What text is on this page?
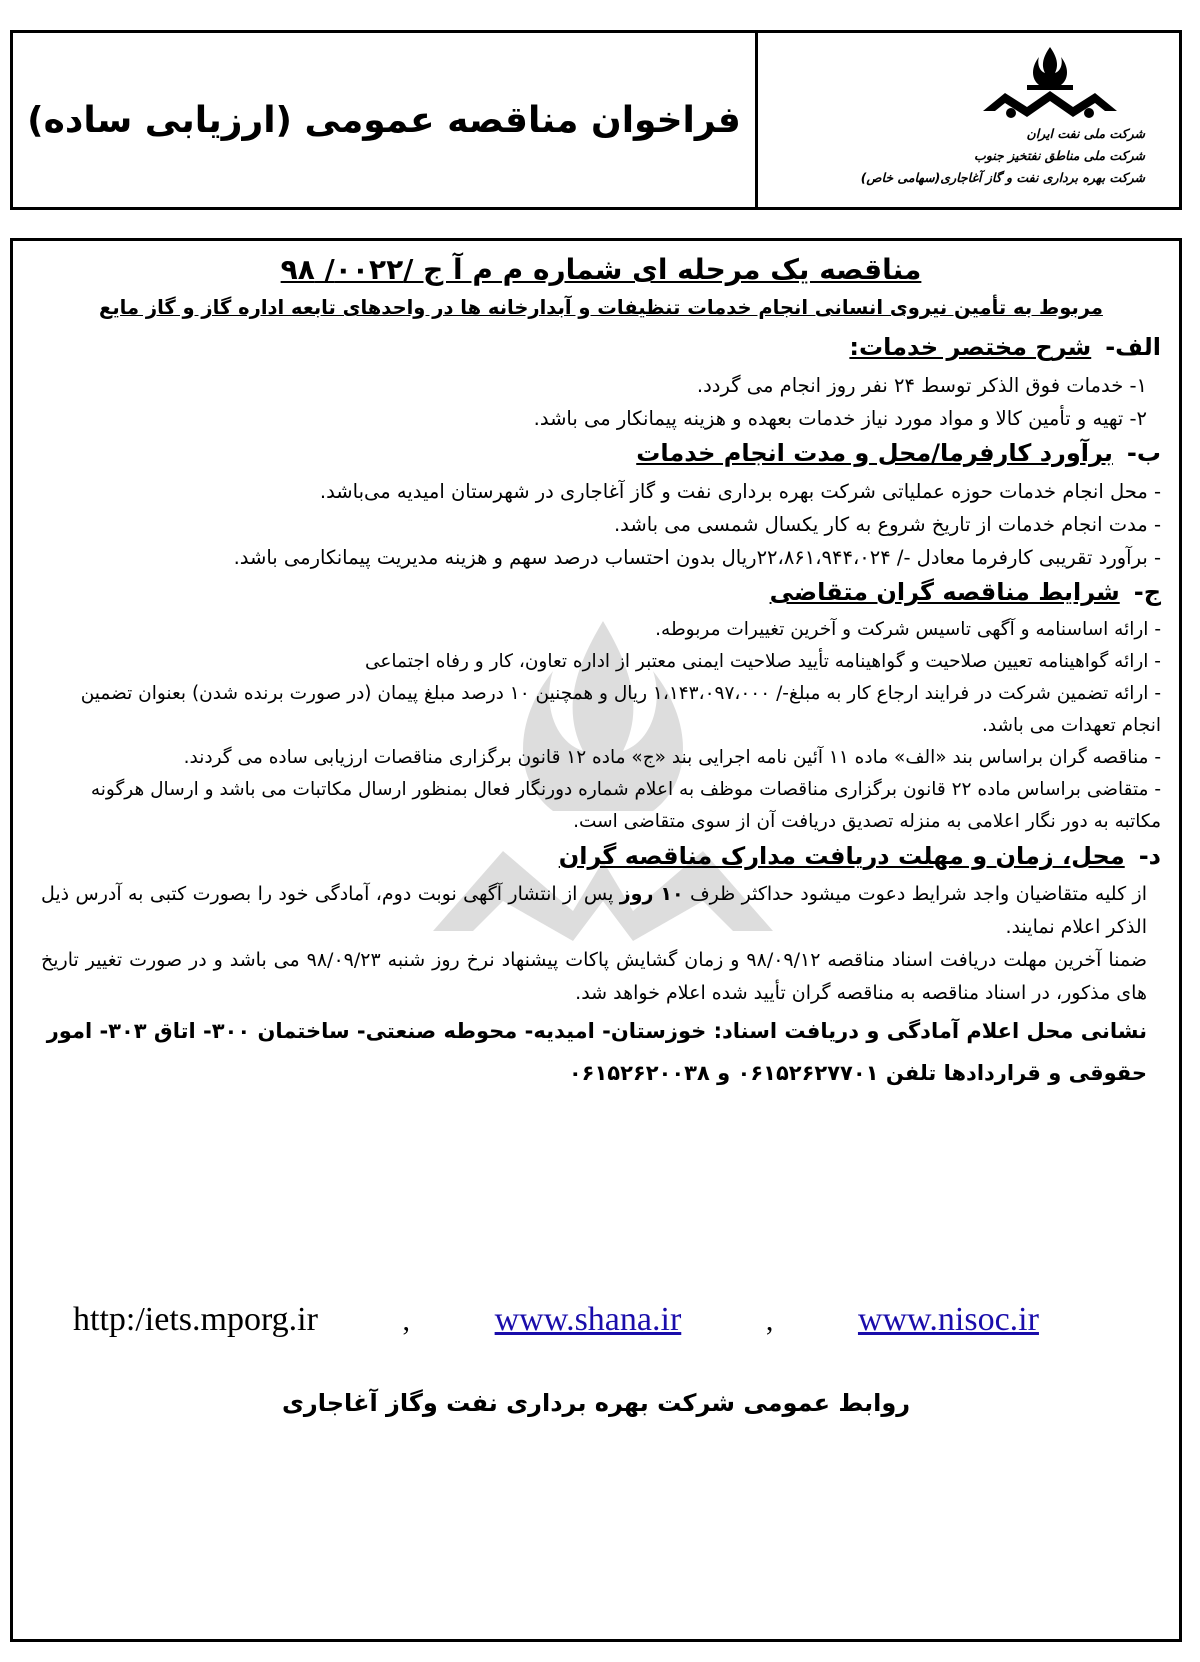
فراخوان مناقصه عمومی (ارزیابی ساده)	شرکت ملی نفت ایران
شرکت ملی مناطق نفتخیز جنوب
شرکت بهره برداری نفت و گاز آغاجاری(سهامی خاص)
مناقصه یک مرحله ای شماره م م آ ج /۰۰۲۲/ ۹۸
مربوط به تأمین نیروی انسانی انجام خدمات تنظیفات و آبدارخانه ها در واحدهای تابعه اداره گاز و گاز مایع
الف-شرح مختصر خدمات:
۱- خدمات فوق الذکر توسط ۲۴ نفر روز انجام می گردد.
۲- تهیه و تأمین کالا و مواد مورد نیاز خدمات بعهده و هزینه پیمانکار می باشد.
ب-برآورد کارفرما/محل و مدت انجام خدمات
- محل انجام خدمات حوزه عملیاتی شرکت بهره برداری نفت و گاز آغاجاری در شهرستان امیدیه می‌باشد.
- مدت انجام خدمات از تاریخ شروع به کار یکسال شمسی می باشد.
- برآورد تقریبی کارفرما معادل -/ ۲۲،۸۶۱،۹۴۴،۰۲۴ریال بدون احتساب درصد سهم و هزینه مدیریت پیمانکارمی باشد.
ج-شرایط مناقصه گران متقاضی
- ارائه اساسنامه و آگهی تاسیس شرکت و آخرین تغییرات مربوطه.
- ارائه گواهینامه تعیین صلاحیت و گواهینامه تأیید صلاحیت ایمنی معتبر از اداره تعاون، کار و رفاه اجتماعی
- ارائه تضمین شرکت در فرایند ارجاع کار به مبلغ-/ ۱،۱۴۳،۰۹۷،۰۰۰ ریال و همچنین ۱۰ درصد مبلغ پیمان (در صورت برنده شدن) بعنوان تضمین انجام تعهدات می باشد.
- مناقصه گران براساس بند «الف» ماده ۱۱ آئین نامه اجرایی بند «ج» ماده ۱۲ قانون برگزاری مناقصات ارزیابی ساده می گردند.
- متقاضی براساس ماده ۲۲ قانون برگزاری مناقصات موظف به اعلام شماره دورنگار فعال بمنظور ارسال مکاتبات می باشد و ارسال هرگونه مکاتبه به دور نگار اعلامی به منزله تصدیق دریافت آن از سوی متقاضی است.
د-محل، زمان و مهلت دریافت مدارک مناقصه گران
از کلیه متقاضیان واجد شرایط دعوت میشود حداکثر ظرف ۱۰ روز پس از انتشار آگهی نوبت دوم، آمادگی خود را بصورت کتبی به آدرس ذیل الذکر اعلام نمایند.
ضمنا آخرین مهلت دریافت اسناد مناقصه ۹۸/۰۹/۱۲ و زمان گشایش پاکات پیشنهاد نرخ روز شنبه ۹۸/۰۹/۲۳ می باشد و در صورت تغییر تاریخ های مذکور، در اسناد مناقصه به مناقصه گران تأیید شده اعلام خواهد شد.
نشانی محل اعلام آمادگی و دریافت اسناد: خوزستان- امیدیه- محوطه صنعتی- ساختمان ۳۰۰- اتاق ۳۰۳- امور حقوقی و قراردادها تلفن ۰۶۱۵۲۶۲۷۷۰۱ و ۰۶۱۵۲۶۲۰۰۳۸
http:/iets.mporg.ir	, www.shana.ir	, www.nisoc.ir
روابط عمومی شرکت بهره برداری نفت وگاز آغاجاری
